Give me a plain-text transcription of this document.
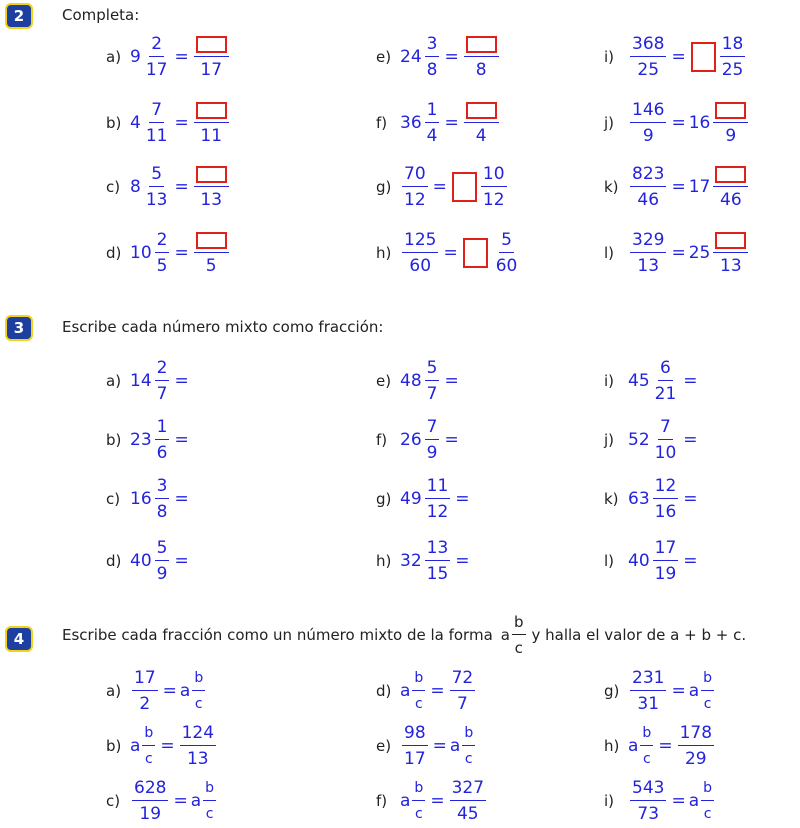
2	Completa:
a) $9 \frac{2}{17}$ =
17
b) $4 \frac{7}{11}$ =
11
c) $8 \frac{5}{13}$ =
13
d) $10 \frac{2}{5}$ =
5
e) $24 \frac{3}{8}$ =
8
f) $36 \frac{1}{4}$ =
4
$g) \frac{70}{12} = \frac{10}{12}$
$h) \frac{125}{60} = \frac{5}{60}$
$i) \frac{368}{25} = \frac{18}{25}$
$j) \frac{146}{9} = 16$
9
$k) \frac{823}{46} = 17$
46
$l) \frac{329}{13} = 25$
13
3	Escribe cada número mixto como fracción:
a) $14 \frac{2}{7}$ =
b) $23 \frac{1}{6}$ =
c) $16 \frac{3}{8}$ =
d) $40 \frac{5}{9}$ =
e) $48 \frac{5}{7}$ =
f) $26 \frac{7}{9}$ =
g) $49 \frac{11}{12}$ =
h) $32 \frac{13}{15}$ =
i) $45 \frac{6}{21}$ =
j) $52 \frac{7}{10}$ =
k) $63 \frac{12}{16}$ =
l) $40 \frac{17}{19}$ =
4	Escribe cada fracción como un número mixto de la forma a $\frac{b}{c}$ y halla el valor de a + b + c.
$a) \frac{17}{2} = a \frac{b}{c}$
b) a $\frac{b}{c} = \frac{124}{13}$
$c) \frac{628}{19} = a \frac{b}{c}$
d) a $\frac{b}{c} = \frac{72}{7}$
$e) \frac{98}{17} = a \frac{b}{c}$
f) a $\frac{b}{c} = \frac{327}{45}$
$g) \frac{231}{31} = a \frac{b}{c}$
h) a $\frac{b}{c} = \frac{178}{29}$
$i) \frac{543}{73} = a \frac{b}{c}$
